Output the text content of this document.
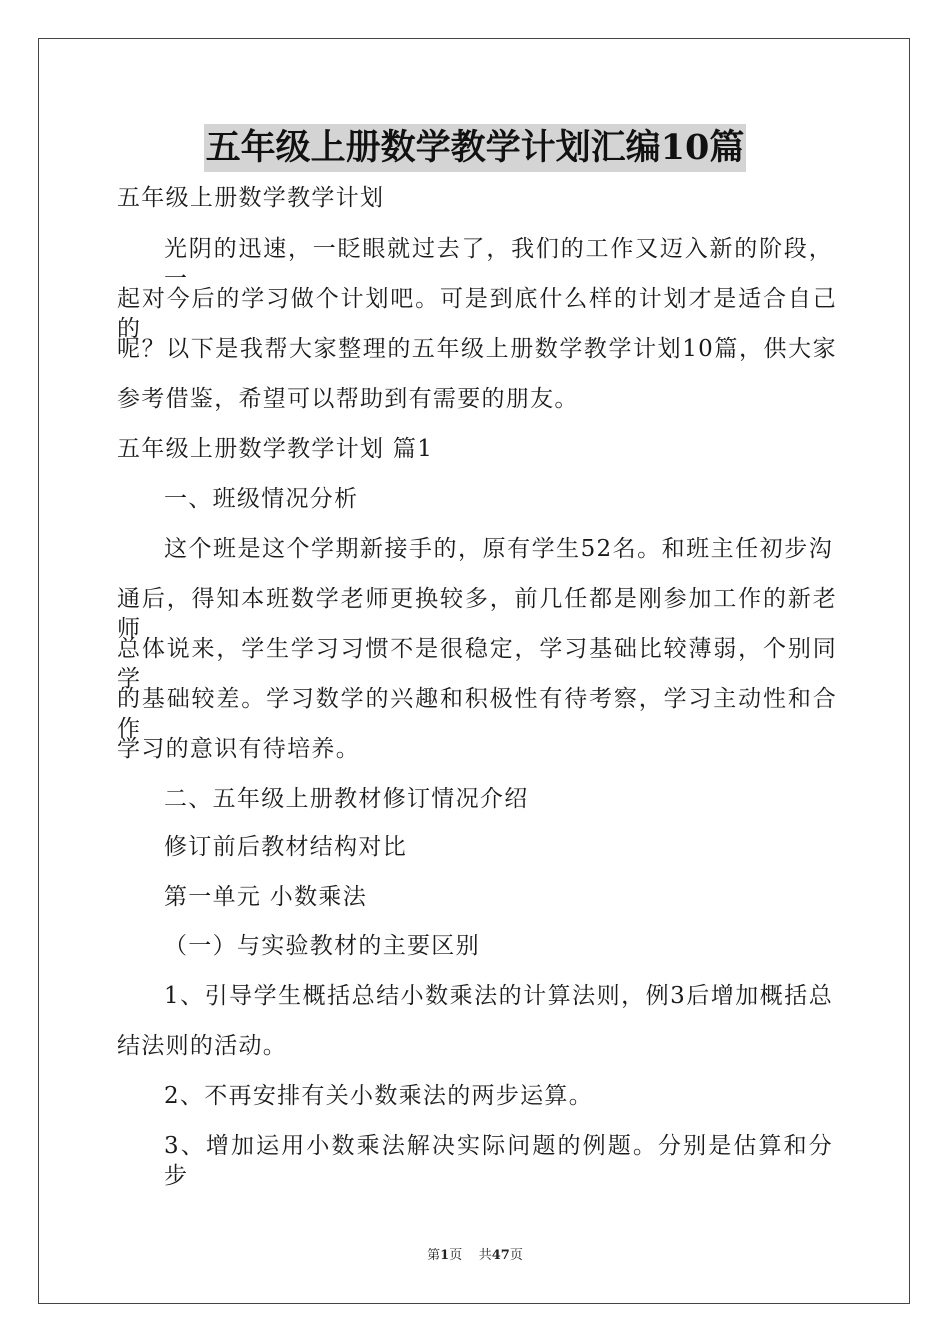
五年级上册数学教学计划汇编10篇
五年级上册数学教学计划
光阴的迅速，一眨眼就过去了，我们的工作又迈入新的阶段，一
起对今后的学习做个计划吧。可是到底什么样的计划才是适合自己的
呢？以下是我帮大家整理的五年级上册数学教学计划10篇，供大家
参考借鉴，希望可以帮助到有需要的朋友。
五年级上册数学教学计划 篇1
一、班级情况分析
这个班是这个学期新接手的，原有学生52名。和班主任初步沟
通后，得知本班数学老师更换较多，前几任都是刚参加工作的新老师
总体说来，学生学习习惯不是很稳定，学习基础比较薄弱，个别同学
的基础较差。学习数学的兴趣和积极性有待考察，学习主动性和合作
学习的意识有待培养。
二、五年级上册教材修订情况介绍
修订前后教材结构对比
第一单元 小数乘法
（一）与实验教材的主要区别
1、引导学生概括总结小数乘法的计算法则，例3后增加概括总
结法则的活动。
2、不再安排有关小数乘法的两步运算。
3、增加运用小数乘法解决实际问题的例题。分别是估算和分步
第1页 共47页
